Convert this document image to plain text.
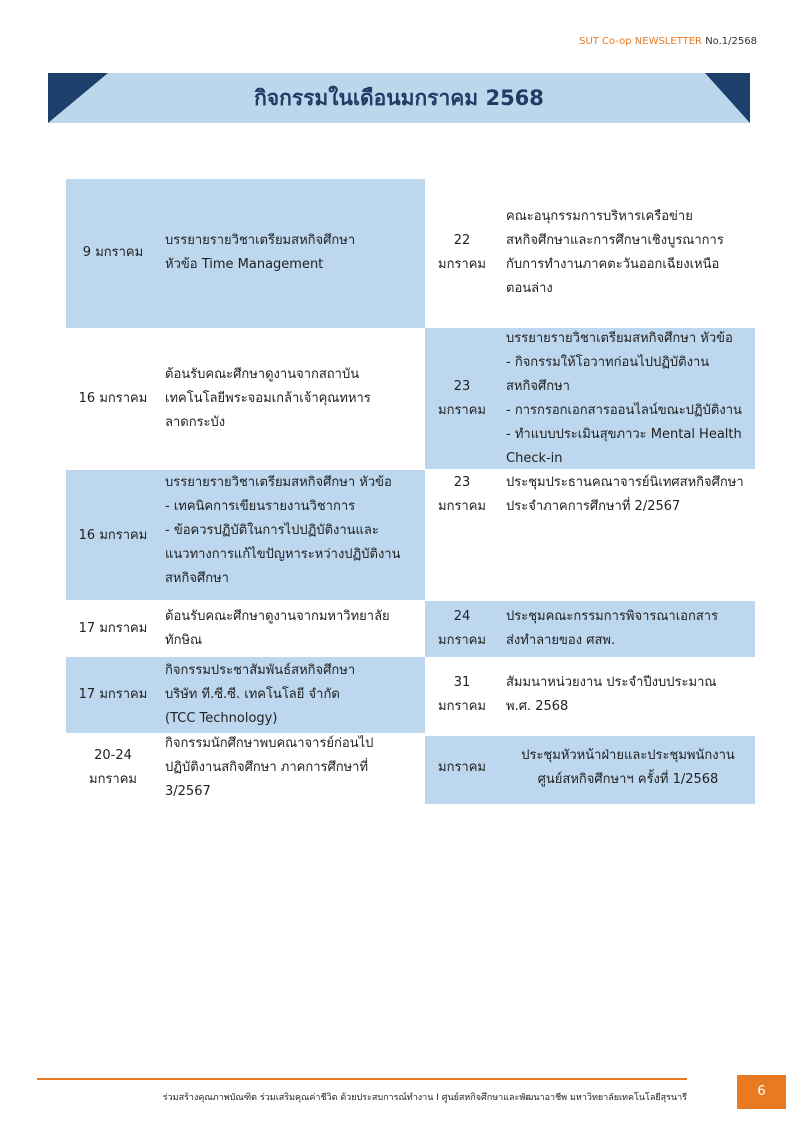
SUT Co-op NEWSLETTER No.1/2568
กิจกรรมในเดือนมกราคม 2568
9 มกราคม
บรรยายรายวิชาเตรียมสหกิจศึกษา
หัวข้อ Time Management
16 มกราคม
ต้อนรับคณะศึกษาดูงานจากสถาบัน
เทคโนโลยีพระจอมเกล้าเจ้าคุณทหาร
ลาดกระบัง
16 มกราคม
บรรยายรายวิชาเตรียมสหกิจศึกษา หัวข้อ
- เทคนิคการเขียนรายงานวิชาการ
- ข้อควรปฏิบัติในการไปปฏิบัติงานและ
แนวทางการแก้ไขปัญหาระหว่างปฏิบัติงาน
สหกิจศึกษา
17 มกราคม
ต้อนรับคณะศึกษาดูงานจากมหาวิทยาลัย
ทักษิณ
17 มกราคม
กิจกรรมประชาสัมพันธ์สหกิจศึกษา
บริษัท ที.ซี.ซี. เทคโนโลยี จำกัด
(TCC Technology)
20-24
มกราคม
กิจกรรมนักศึกษาพบคณาจารย์ก่อนไป
ปฏิบัติงานสกิจศึกษา ภาคการศึกษาที่
3/2567
22
มกราคม
คณะอนุกรรมการบริหารเครือข่าย
สหกิจศึกษาและการศึกษาเชิงบูรณาการ
กับการทำงานภาคตะวันออกเฉียงเหนือ
ตอนล่าง
23
มกราคม
บรรยายรายวิชาเตรียมสหกิจศึกษา หัวข้อ
- กิจกรรมให้โอวาทก่อนไปปฏิบัติงาน
สหกิจศึกษา
- การกรอกเอกสารออนไลน์ขณะปฏิบัติงาน
- ทำแบบประเมินสุขภาวะ Mental Health
Check-in
23
มกราคม
ประชุมประธานคณาจารย์นิเทศสหกิจศึกษา
ประจำภาคการศึกษาที่ 2/2567
24
มกราคม
ประชุมคณะกรรมการพิจารณาเอกสาร
ส่งทำลายของ ศสพ.
31
มกราคม
สัมมนาหน่วยงาน ประจำปีงบประมาณ
พ.ศ. 2568
มกราคม
ประชุมหัวหน้าฝ่ายและประชุมพนักงาน
ศูนย์สหกิจศึกษาฯ ครั้งที่ 1/2568
ร่วมสร้างคุณภาพบัณฑิต ร่วมเสริมคุณค่าชีวิต ด้วยประสบการณ์ทำงาน I ศูนย์สหกิจศึกษาและพัฒนาอาชีพ มหาวิทยาลัยเทคโนโลยีสุรนารี	6
